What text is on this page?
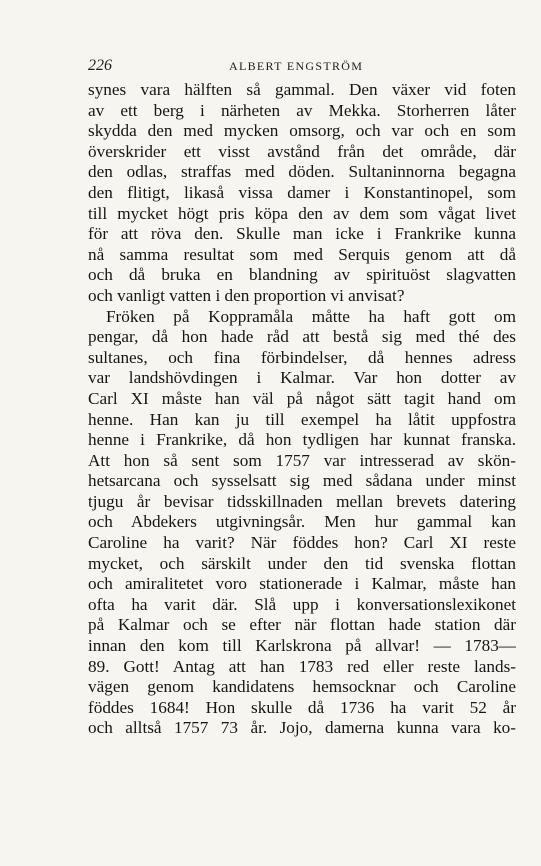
226	ALBERT ENGSTRÖM
synes vara hälften så gammal. Den växer vid foten
av ett berg i närheten av Mekka. Storherren låter
skydda den med mycken omsorg, och var och en som
överskrider ett visst avstånd från det område, där
den odlas, straffas med döden. Sultaninnorna begagna
den flitigt, likaså vissa damer i Konstantinopel, som
till mycket högt pris köpa den av dem som vågat livet
för att röva den. Skulle man icke i Frankrike kunna
nå samma resultat som med Serquis genom att då
och då bruka en blandning av spirituöst slagvatten
och vanligt vatten i den proportion vi anvisat?
Fröken på Koppramåla måtte ha haft gott om
pengar, då hon hade råd att bestå sig med thé des
sultanes, och fina förbindelser, då hennes adress
var landshövdingen i Kalmar. Var hon dotter av
Carl XI måste han väl på något sätt tagit hand om
henne. Han kan ju till exempel ha låtit uppfostra
henne i Frankrike, då hon tydligen har kunnat franska.
Att hon så sent som 1757 var intresserad av skön-
hetsarcana och sysselsatt sig med sådana under minst
tjugu år bevisar tidsskillnaden mellan brevets datering
och Abdekers utgivningsår. Men hur gammal kan
Caroline ha varit? När föddes hon? Carl XI reste
mycket, och särskilt under den tid svenska flottan
och amiralitetet voro stationerade i Kalmar, måste han
ofta ha varit där. Slå upp i konversationslexikonet
på Kalmar och se efter när flottan hade station där
innan den kom till Karlskrona på allvar! — 1783—
89. Gott! Antag att han 1783 red eller reste lands-
vägen genom kandidatens hemsocknar och Caroline
föddes 1684! Hon skulle då 1736 ha varit 52 år
och alltså 1757 73 år. Jojo, damerna kunna vara ko-
